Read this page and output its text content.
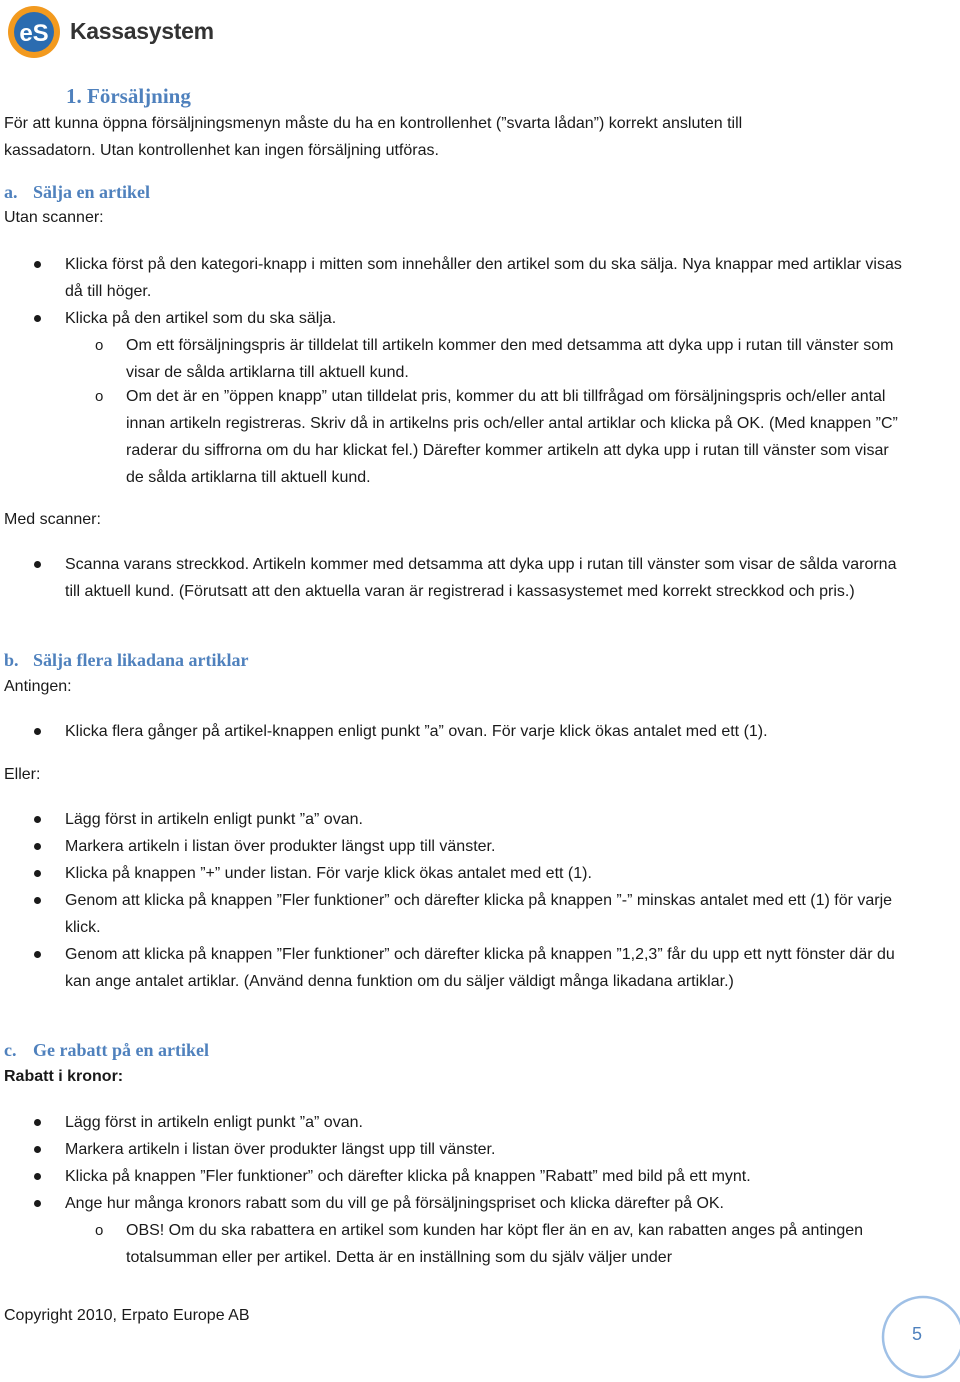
eS Kassasystem
1. Försäljning
För att kunna öppna försäljningsmenyn måste du ha en kontrollenhet (”svarta lådan”) korrekt ansluten till
kassadatorn. Utan kontrollenhet kan ingen försäljning utföras.
a. Sälja en artikel
Utan scanner:
Klicka först på den kategori-knapp i mitten som innehåller den artikel som du ska sälja. Nya knappar med artiklar visas då till höger.
Klicka på den artikel som du ska sälja.
o Om ett försäljningspris är tilldelat till artikeln kommer den med detsamma att dyka upp i rutan till vänster som visar de sålda artiklarna till aktuell kund.
o Om det är en ”öppen knapp” utan tilldelat pris, kommer du att bli tillfrågad om försäljningspris och/eller antal innan artikeln registreras. Skriv då in artikelns pris och/eller antal artiklar och klicka på OK. (Med knappen ”C” raderar du siffrorna om du har klickat fel.) Därefter kommer artikeln att dyka upp i rutan till vänster som visar de sålda artiklarna till aktuell kund.
Med scanner:
Scanna varans streckkod. Artikeln kommer med detsamma att dyka upp i rutan till vänster som visar de sålda varorna till aktuell kund. (Förutsatt att den aktuella varan är registrerad i kassasystemet med korrekt streckkod och pris.)
b. Sälja flera likadana artiklar
Antingen:
Klicka flera gånger på artikel-knappen enligt punkt ”a” ovan. För varje klick ökas antalet med ett (1).
Eller:
Lägg först in artikeln enligt punkt ”a” ovan.
Markera artikeln i listan över produkter längst upp till vänster.
Klicka på knappen ”+” under listan. För varje klick ökas antalet med ett (1).
Genom att klicka på knappen ”Fler funktioner” och därefter klicka på knappen ”-” minskas antalet med ett (1) för varje klick.
Genom att klicka på knappen ”Fler funktioner” och därefter klicka på knappen ”1,2,3” får du upp ett nytt fönster där du kan ange antalet artiklar. (Använd denna funktion om du säljer väldigt många likadana artiklar.)
c. Ge rabatt på en artikel
Rabatt i kronor:
Lägg först in artikeln enligt punkt ”a” ovan.
Markera artikeln i listan över produkter längst upp till vänster.
Klicka på knappen ”Fler funktioner” och därefter klicka på knappen ”Rabatt” med bild på ett mynt.
Ange hur många kronors rabatt som du vill ge på försäljningspriset och klicka därefter på OK.
o OBS! Om du ska rabattera en artikel som kunden har köpt fler än en av, kan rabatten anges på antingen totalsumman eller per artikel. Detta är en inställning som du själv väljer under
Copyright 2010, Erpato Europe AB
5
